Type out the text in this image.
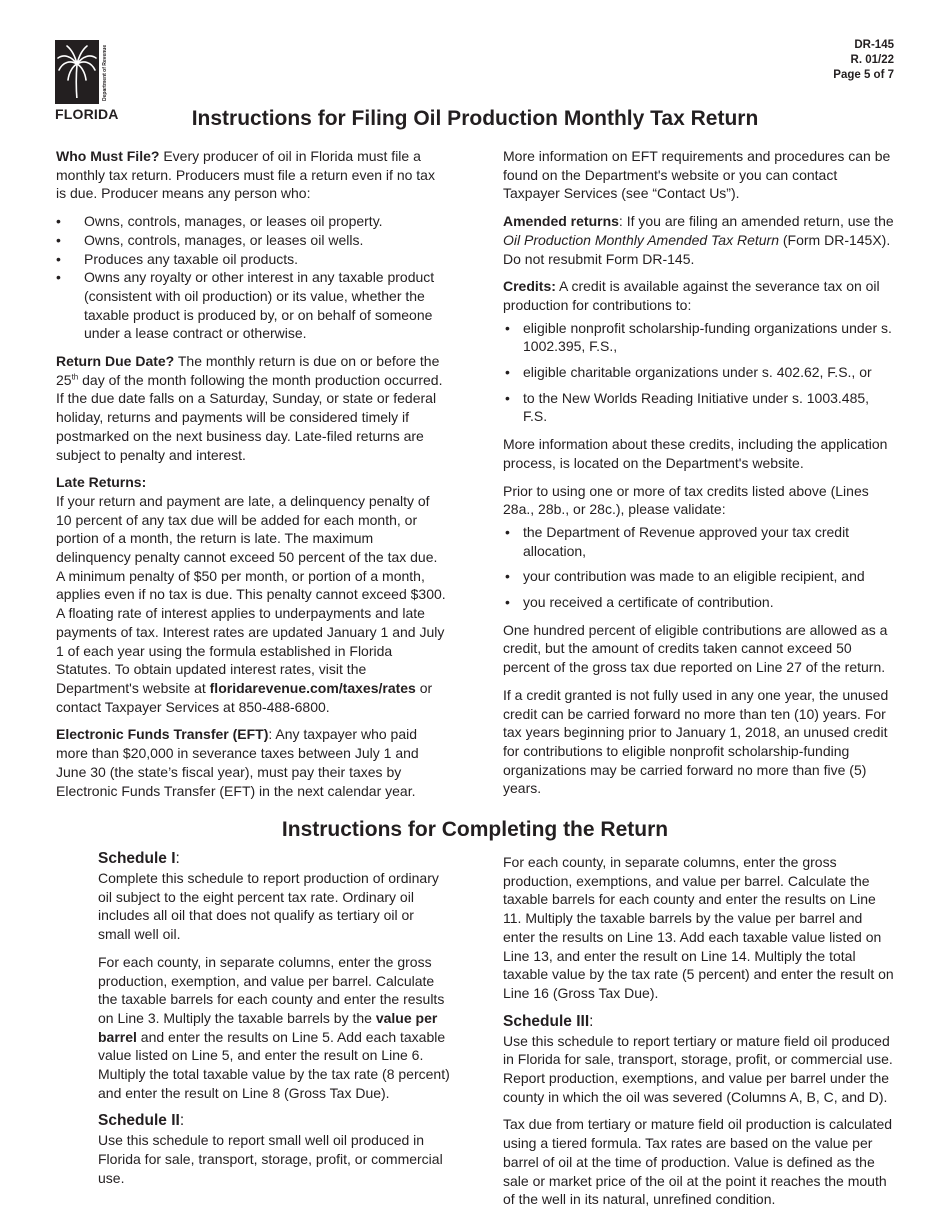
Department of Revenue
FLORIDA
DR-145
R. 01/22
Page 5 of 7
Instructions for Filing Oil Production Monthly Tax Return

Who Must File? Every producer of oil in Florida must file a monthly tax return. Producers must file a return even if no tax is due. Producer means any person who:

• Owns, controls, manages, or leases oil property.
• Owns, controls, manages, or leases oil wells.
• Produces any taxable oil products.
• Owns any royalty or other interest in any taxable product (consistent with oil production) or its value, whether the taxable product is produced by, or on behalf of someone under a lease contract or otherwise.

Return Due Date? The monthly return is due on or before the 25th day of the month following the month production occurred. If the due date falls on a Saturday, Sunday, or state or federal holiday, returns and payments will be considered timely if postmarked on the next business day. Late-filed returns are subject to penalty and interest.

Late Returns:

If your return and payment are late, a delinquency penalty of 10 percent of any tax due will be added for each month, or portion of a month, the return is late. The maximum delinquency penalty cannot exceed 50 percent of the tax due. A minimum penalty of $50 per month, or portion of a month, applies even if no tax is due. This penalty cannot exceed $300. A floating rate of interest applies to underpayments and late payments of tax. Interest rates are updated January 1 and July 1 of each year using the formula established in Florida Statutes. To obtain updated interest rates, visit the Department's website at floridarevenue.com/taxes/rates or contact Taxpayer Services at 850-488-6800.

Electronic Funds Transfer (EFT): Any taxpayer who paid more than $20,000 in severance taxes between July 1 and June 30 (the state’s fiscal year), must pay their taxes by Electronic Funds Transfer (EFT) in the next calendar year.

More information on EFT requirements and procedures can be found on the Department's website or you can contact Taxpayer Services (see “Contact Us”).

Amended returns: If you are filing an amended return, use the Oil Production Monthly Amended Tax Return (Form DR-145X). Do not resubmit Form DR-145.

Credits: A credit is available against the severance tax on oil production for contributions to:

• eligible nonprofit scholarship-funding organizations under s. 1002.395, F.S.,
• eligible charitable organizations under s. 402.62, F.S., or
• to the New Worlds Reading Initiative under s. 1003.485, F.S.

More information about these credits, including the application process, is located on the Department's website.

Prior to using one or more of tax credits listed above (Lines 28a., 28b., or 28c.), please validate:

• the Department of Revenue approved your tax credit allocation,
• your contribution was made to an eligible recipient, and
• you received a certificate of contribution.

One hundred percent of eligible contributions are allowed as a credit, but the amount of credits taken cannot exceed 50 percent of the gross tax due reported on Line 27 of the return.

If a credit granted is not fully used in any one year, the unused credit can be carried forward no more than ten (10) years. For tax years beginning prior to January 1, 2018, an unused credit for contributions to eligible nonprofit scholarship-funding organizations may be carried forward no more than five (5) years.

Instructions for Completing the Return
Schedule I:

Complete this schedule to report production of ordinary oil subject to the eight percent tax rate. Ordinary oil includes all oil that does not qualify as tertiary oil or small well oil.

For each county, in separate columns, enter the gross production, exemption, and value per barrel. Calculate the taxable barrels for each county and enter the results on Line 3. Multiply the taxable barrels by the value per barrel and enter the results on Line 5. Add each taxable value listed on Line 5, and enter the result on Line 6. Multiply the total taxable value by the tax rate (8 percent) and enter the result on Line 8 (Gross Tax Due).

Schedule II:

Use this schedule to report small well oil produced in Florida for sale, transport, storage, profit, or commercial use.

For each county, in separate columns, enter the gross production, exemptions, and value per barrel. Calculate the taxable barrels for each county and enter the results on Line 11. Multiply the taxable barrels by the value per barrel and enter the results on Line 13. Add each taxable value listed on Line 13, and enter the result on Line 14. Multiply the total taxable value by the tax rate (5 percent) and enter the result on Line 16 (Gross Tax Due).

Schedule III:

Use this schedule to report tertiary or mature field oil produced in Florida for sale, transport, storage, profit, or commercial use. Report production, exemptions, and value per barrel under the county in which the oil was severed (Columns A, B, C, and D).

Tax due from tertiary or mature field oil production is calculated using a tiered formula. Tax rates are based on the value per barrel of oil at the time of production. Value is defined as the sale or market price of the oil at the point it reaches the mouth of the well in its natural, unrefined condition.
